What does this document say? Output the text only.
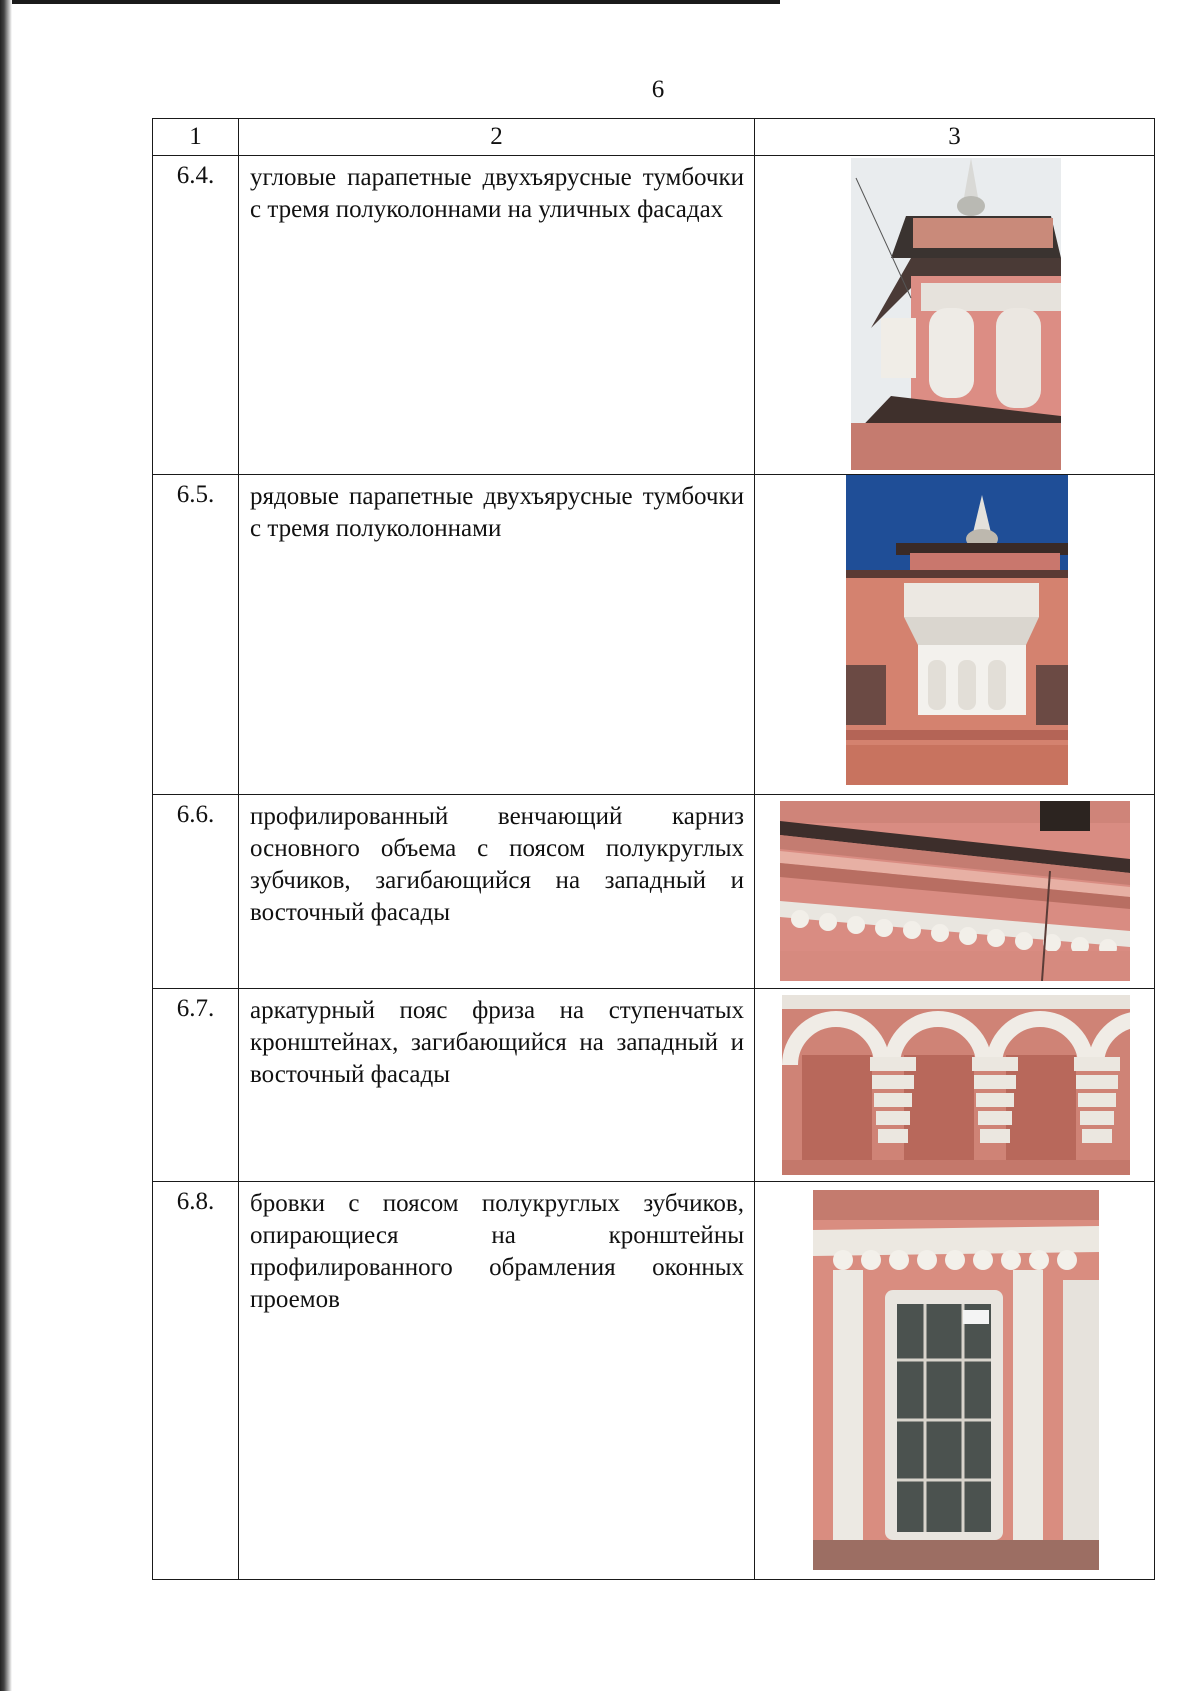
6
1	2	3
6.4.	угловые парапетные двухъярусные тумбочки с тремя полуколоннами на уличных фасадах	

6.5.	рядовые парапетные двухъярусные тумбочки с тремя полуколоннами	

6.6.	профилированный венчающий карниз основного объема с поясом полукруглых зубчиков, загибающийся на западный и восточный фасады	

6.7.	аркатурный пояс фриза на ступенчатых кронштейнах, загибающийся на западный и восточный фасады	

6.8.	бровки с поясом полукруглых зубчиков, опирающиеся на кронштейны профилированного обрамления оконных проемов	
